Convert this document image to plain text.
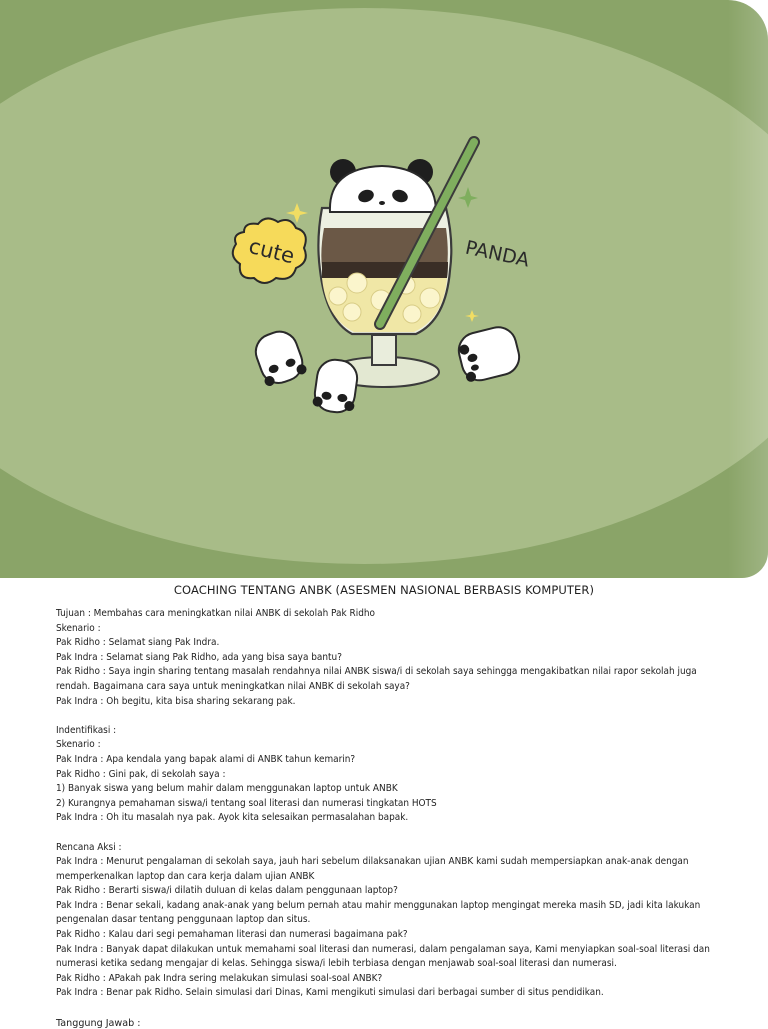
cute	PANDA
COACHING TENTANG ANBK (ASESMEN NASIONAL BERBASIS KOMPUTER)
Tujuan : Membahas cara meningkatkan nilai ANBK di sekolah Pak Ridho
Skenario :
Pak Ridho : Selamat siang Pak Indra.
Pak Indra : Selamat siang Pak Ridho, ada yang bisa saya bantu?
Pak Ridho : Saya ingin sharing tentang masalah rendahnya nilai ANBK siswa/i di sekolah saya sehingga mengakibatkan nilai rapor sekolah juga
rendah. Bagaimana cara saya untuk meningkatkan nilai ANBK di sekolah saya?
Pak Indra : Oh begitu, kita bisa sharing sekarang pak.
Indentifikasi :
Skenario :
Pak Indra : Apa kendala yang bapak alami di ANBK tahun kemarin?
Pak Ridho : Gini pak, di sekolah saya :
1) Banyak siswa yang belum mahir dalam menggunakan laptop untuk ANBK
2) Kurangnya pemahaman siswa/i tentang soal literasi dan numerasi tingkatan HOTS
Pak Indra : Oh itu masalah nya pak. Ayok kita selesaikan permasalahan bapak.
Rencana Aksi :
Pak Indra : Menurut pengalaman di sekolah saya, jauh hari sebelum dilaksanakan ujian ANBK kami sudah mempersiapkan anak-anak dengan
memperkenalkan laptop dan cara kerja dalam ujian ANBK
Pak Ridho : Berarti siswa/i dilatih duluan di kelas dalam penggunaan laptop?
Pak Indra : Benar sekali, kadang anak-anak yang belum pernah atau mahir menggunakan laptop mengingat mereka masih SD, jadi kita lakukan
pengenalan dasar tentang penggunaan laptop dan situs.
Pak Ridho : Kalau dari segi pemahaman literasi dan numerasi bagaimana pak?
Pak Indra : Banyak dapat dilakukan untuk memahami soal literasi dan numerasi, dalam pengalaman saya, Kami menyiapkan soal-soal literasi dan
numerasi ketika sedang mengajar di kelas. Sehingga siswa/i lebih terbiasa dengan menjawab soal-soal literasi dan numerasi.
Pak Ridho : APakah pak Indra sering melakukan simulasi soal-soal ANBK?
Pak Indra : Benar pak Ridho. Selain simulasi dari Dinas, Kami mengikuti simulasi dari berbagai sumber di situs pendidikan.
Tanggung Jawab :
